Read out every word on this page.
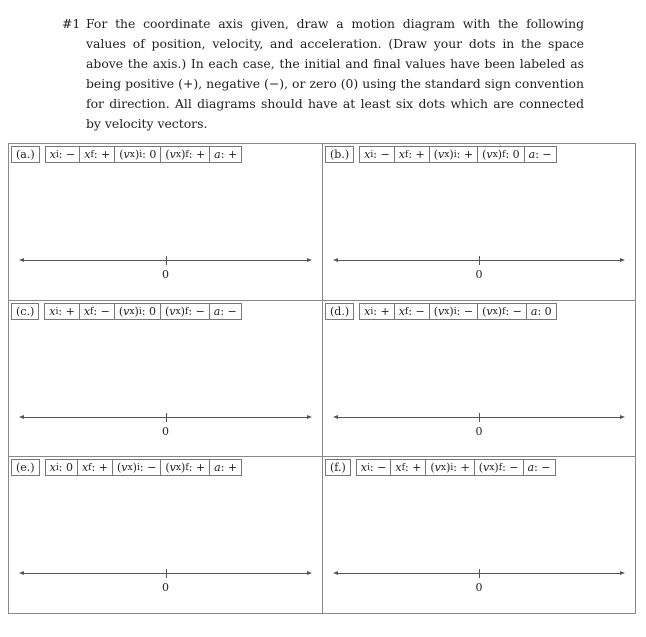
#1 For the coordinate axis given, draw a motion diagram with the following values of position, velocity, and acceleration. (Draw your dots in the space above the axis.) In each case, the initial and final values have been labeled as being positive (+), negative (−), or zero (0) using the standard sign convention for direction. All diagrams should have at least six dots which are connected by velocity vectors.
(a.)	x i : − x f : + ( v x ) i : 0 ( v x ) f : + a : +
0
(b.)	x i : − x f : + ( v x ) i : + ( v x ) f : 0 a : −
0
(c.)	x i : + x f : − ( v x ) i : 0 ( v x ) f : − a : −
0
(d.)	x i : + x f : − ( v x ) i : − ( v x ) f : − a : 0
0
(e.)	x i : 0 x f : + ( v x ) i : − ( v x ) f : + a : +
0
(f.)	x i : − x f : + ( v x ) i : + ( v x ) f : − a : −
0
